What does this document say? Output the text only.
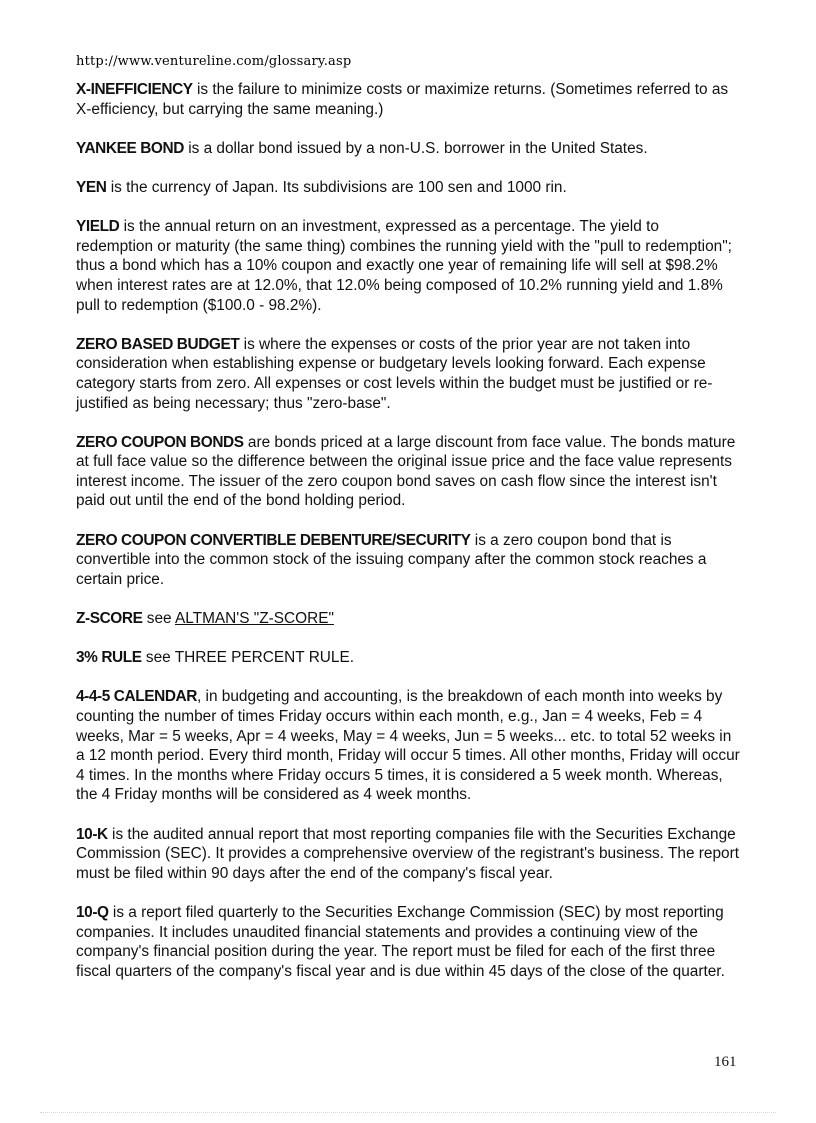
http://www.ventureline.com/glossary.asp

X-INEFFICIENCY is the failure to minimize costs or maximize returns. (Sometimes referred to as X-efficiency, but carrying the same meaning.)

YANKEE BOND is a dollar bond issued by a non-U.S. borrower in the United States.

YEN is the currency of Japan. Its subdivisions are 100 sen and 1000 rin.

YIELD is the annual return on an investment, expressed as a percentage. The yield to redemption or maturity (the same thing) combines the running yield with the "pull to redemption"; thus a bond which has a 10% coupon and exactly one year of remaining life will sell at $98.2% when interest rates are at 12.0%, that 12.0% being composed of 10.2% running yield and 1.8% pull to redemption ($100.0 - 98.2%).

ZERO BASED BUDGET is where the expenses or costs of the prior year are not taken into consideration when establishing expense or budgetary levels looking forward. Each expense category starts from zero. All expenses or cost levels within the budget must be justified or re-justified as being necessary; thus "zero-base".

ZERO COUPON BONDS are bonds priced at a large discount from face value. The bonds mature at full face value so the difference between the original issue price and the face value represents interest income. The issuer of the zero coupon bond saves on cash flow since the interest isn't paid out until the end of the bond holding period.

ZERO COUPON CONVERTIBLE DEBENTURE/SECURITY is a zero coupon bond that is convertible into the common stock of the issuing company after the common stock reaches a certain price.

Z-SCORE see ALTMAN'S "Z-SCORE"

3% RULE see THREE PERCENT RULE.

4-4-5 CALENDAR, in budgeting and accounting, is the breakdown of each month into weeks by counting the number of times Friday occurs within each month, e.g., Jan = 4 weeks, Feb = 4 weeks, Mar = 5 weeks, Apr = 4 weeks, May = 4 weeks, Jun = 5 weeks... etc. to total 52 weeks in a 12 month period. Every third month, Friday will occur 5 times. All other months, Friday will occur 4 times. In the months where Friday occurs 5 times, it is considered a 5 week month. Whereas, the 4 Friday months will be considered as 4 week months.

10-K is the audited annual report that most reporting companies file with the Securities Exchange Commission (SEC). It provides a comprehensive overview of the registrant's business. The report must be filed within 90 days after the end of the company's fiscal year.

10-Q is a report filed quarterly to the Securities Exchange Commission (SEC) by most reporting companies. It includes unaudited financial statements and provides a continuing view of the company's financial position during the year. The report must be filed for each of the first three fiscal quarters of the company's fiscal year and is due within 45 days of the close of the quarter.

161
